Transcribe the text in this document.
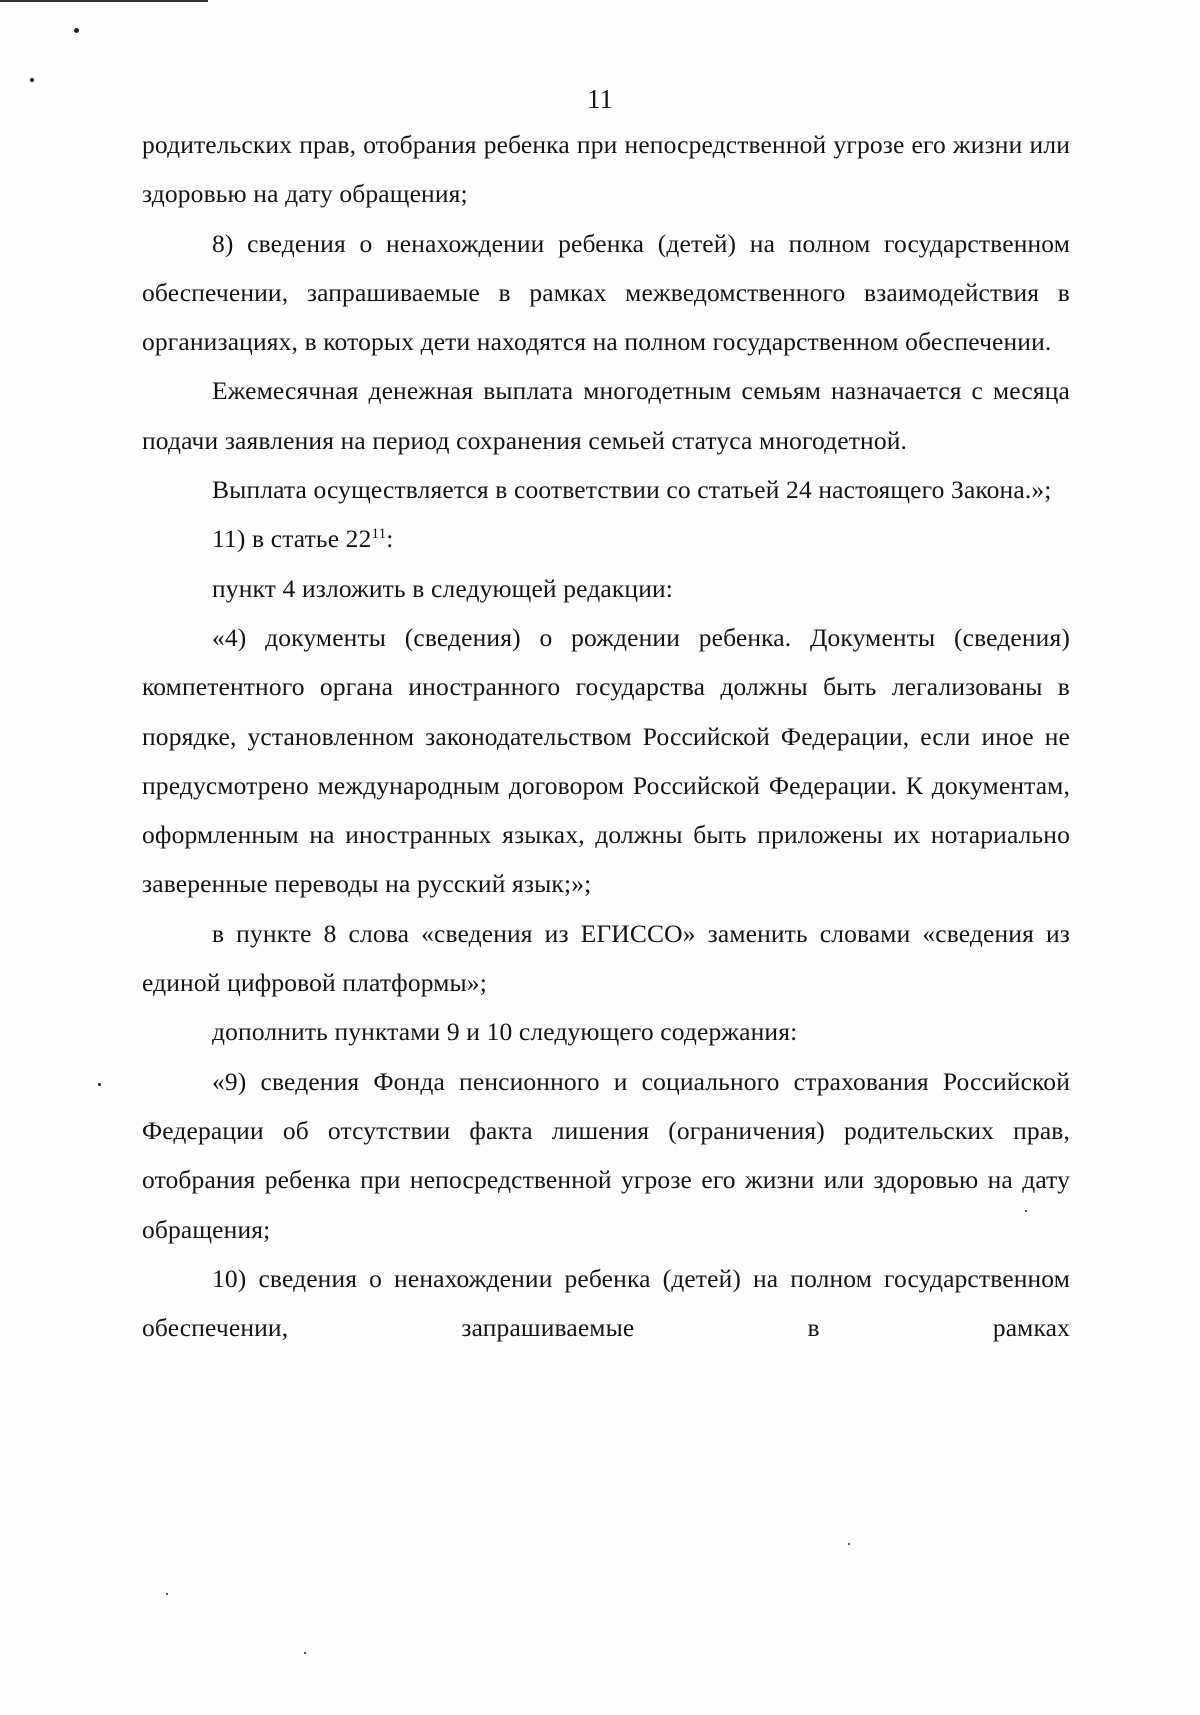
11

родительских прав, отобрания ребенка при непосредственной угрозе его жизни или здоровью на дату обращения;

8) сведения о ненахождении ребенка (детей) на полном государственном обеспечении, запрашиваемые в рамках межведомственного взаимодействия в организациях, в которых дети находятся на полном государственном обеспечении.

Ежемесячная денежная выплата многодетным семьям назначается с месяца подачи заявления на период сохранения семьей статуса многодетной.

Выплата осуществляется в соответствии со статьей 24 настоящего Закона.»;

11) в статье $22^{11}$:

пункт 4 изложить в следующей редакции:

«4) документы (сведения) о рождении ребенка. Документы (сведения) компетентного органа иностранного государства должны быть легализованы в порядке, установленном законодательством Российской Федерации, если иное не предусмотрено международным договором Российской Федерации. К документам, оформленным на иностранных языках, должны быть приложены их нотариально заверенные переводы на русский язык;»;

в пункте 8 слова «сведения из ЕГИССО» заменить словами «сведения из единой цифровой платформы»;

дополнить пунктами 9 и 10 следующего содержания:

«9) сведения Фонда пенсионного и социального страхования Российской Федерации об отсутствии факта лишения (ограничения) родительских прав, отобрания ребенка при непосредственной угрозе его жизни или здоровью на дату обращения;

10) сведения о ненахождении ребенка (детей) на полном государственном обеспечении, запрашиваемые в рамках
